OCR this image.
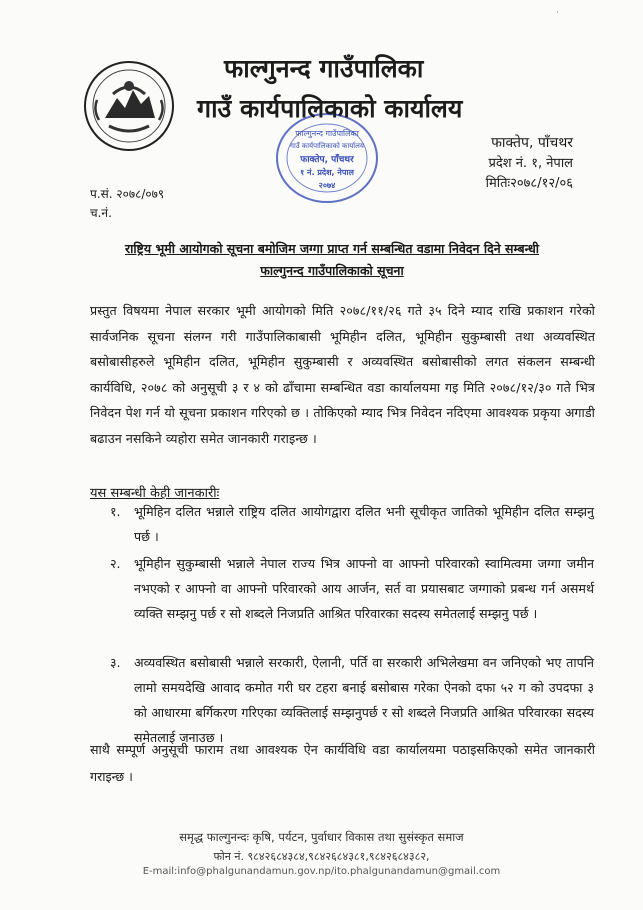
·
फाल्गुनन्द गाउँपालिका
गाउँ कार्यपालिकाको कार्यालय
फाक्तेप, पाँचथर
१ नं. प्रदेश, नेपाल
२०७४
फाल्गुनन्द गाउँपालिका
गाउँ कार्यपालिकाको कार्यालय
फाक्तेप, पाँचथर
प्रदेश नं. १, नेपाल
मितिः२०७८/१२/०६
प.सं. २०७८/०७९
च.नं.
राष्ट्रिय भूमी आयोगको सूचना बमोजिम जग्गा प्राप्त गर्न सम्बन्धित वडामा निवेदन दिने सम्बन्धी
फाल्गुनन्द गाउँपालिकाको सूचना
प्रस्तुत विषयमा नेपाल सरकार भूमी आयोगको मिति २०७८/११/२६ गते ३५ दिने म्याद राखि प्रकाशन गरेको सार्वजनिक सूचना संलग्न गरी गाउँपालिकाबासी भूमिहीन दलित, भूमिहीन सुकुम्बासी तथा अव्यवस्थित बसोबासीहरुले भूमिहीन दलित, भूमिहीन सुकुम्बासी र अव्यवस्थित बसोबासीको लगत संकलन सम्बन्धी कार्यविधि, २०७८ को अनुसूची ३ र ४ को ढाँचामा सम्बन्धित वडा कार्यालयमा गइ मिति २०७८/१२/३० गते भित्र निवेदन पेश गर्न यो सूचना प्रकाशन गरिएको छ । तोकिएको म्याद भित्र निवेदन नदिएमा आवश्यक प्रकृया अगाडी बढाउन नसकिने व्यहोरा समेत जानकारी गराइन्छ ।
यस सम्बन्धी केही जानकारीः
१. भूमिहिन दलित भन्नाले राष्ट्रिय दलित आयोगद्वारा दलित भनी सूचीकृत जातिको भूमिहीन दलित सम्झनु पर्छ ।
२. भूमिहीन सुकुम्बासी भन्नाले नेपाल राज्य भित्र आफ्नो वा आफ्नो परिवारको स्वामित्वमा जग्गा जमीन नभएको र आफ्नो वा आफ्नो परिवारको आय आर्जन, सर्त वा प्रयासबाट जग्गाको प्रबन्ध गर्न असमर्थ व्यक्ति सम्झनु पर्छ र सो शब्दले निजप्रति आश्रित परिवारका सदस्य समेतलाई सम्झनु पर्छ ।
३. अव्यवस्थित बसोबासी भन्नाले सरकारी, ऐलानी, पर्ति वा सरकारी अभिलेखमा वन जनिएको भए तापनि लामो समयदेखि आवाद कमोत गरी घर टहरा बनाई बसोबास गरेका ऐनको दफा ५२ ग को उपदफा ३ को आधारमा बर्गिकरण गरिएका व्यक्तिलाई सम्झनुपर्छ र सो शब्दले निजप्रति आश्रित परिवारका सदस्य समेतलाई जनाउछ ।
साथै सम्पूर्ण अनुसूची फाराम तथा आवश्यक ऐन कार्यविधि वडा कार्यालयमा पठाइसकिएको समेत जानकारी गराइन्छ ।
समृद्ध फाल्गुनन्दः कृषि, पर्यटन, पुर्वाधार विकास तथा सुसंस्कृत समाज
फोन नं. ९८४२६८४३८४,९८४२६८४३८१,९८४२६८४३८२,
E-mail:info@phalgunandamun.gov.np/ito.phalgunandamun@gmail.com
